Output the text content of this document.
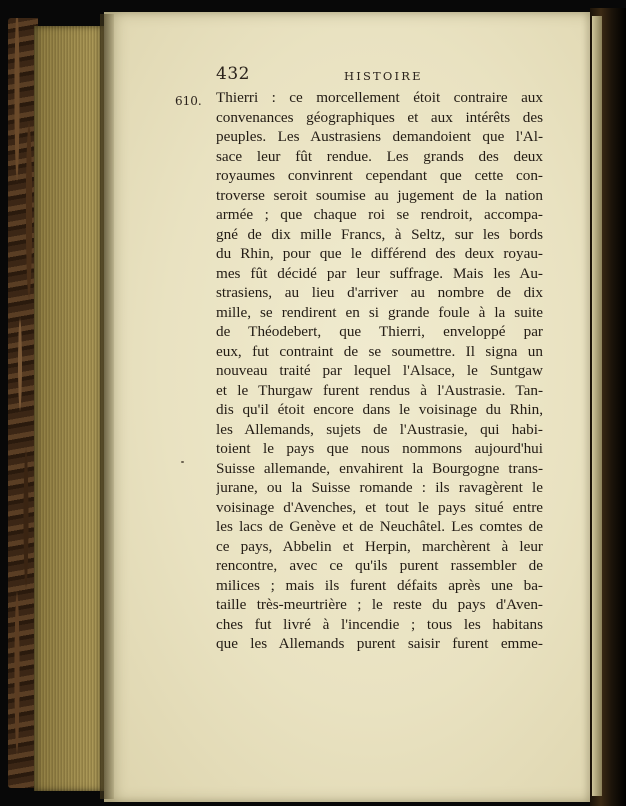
432	HISTOIRE
610. Thierri : ce morcellement étoit contraire aux
convenances géographiques et aux intérêts des
peuples. Les Austrasiens demandoient que l'Al-
sace leur fût rendue. Les grands des deux
royaumes convinrent cependant que cette con-
troverse seroit soumise au jugement de la nation
armée ; que chaque roi se rendroit, accompa-
gné de dix mille Francs, à Seltz, sur les bords
du Rhin, pour que le différend des deux royau-
mes fût décidé par leur suffrage. Mais les Au-
strasiens, au lieu d'arriver au nombre de dix
mille, se rendirent en si grande foule à la suite
de Théodebert, que Thierri, enveloppé par
eux, fut contraint de se soumettre. Il signa un
nouveau traité par lequel l'Alsace, le Suntgaw
et le Thurgaw furent rendus à l'Austrasie. Tan-
dis qu'il étoit encore dans le voisinage du Rhin,
les Allemands, sujets de l'Austrasie, qui habi-
toient le pays que nous nommons aujourd'hui
Suisse allemande, envahirent la Bourgogne trans-
jurane, ou la Suisse romande : ils ravagèrent le
voisinage d'Avenches, et tout le pays situé entre
les lacs de Genève et de Neuchâtel. Les comtes de
ce pays, Abbelin et Herpin, marchèrent à leur
rencontre, avec ce qu'ils purent rassembler de
milices ; mais ils furent défaits après une ba-
taille très-meurtrière ; le reste du pays d'Aven-
ches fut livré à l'incendie ; tous les habitans
que les Allemands purent saisir furent emme-
